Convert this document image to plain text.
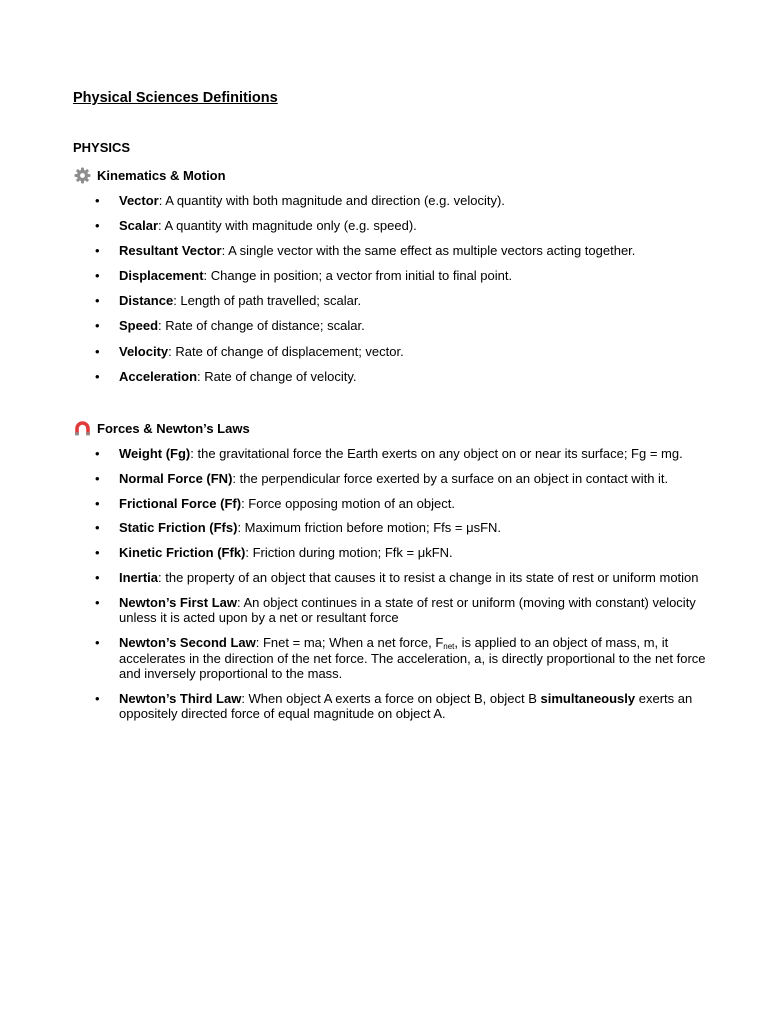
Physical Sciences Definitions
PHYSICS
Kinematics & Motion
• Vector: A quantity with both magnitude and direction (e.g. velocity).
• Scalar: A quantity with magnitude only (e.g. speed).
• Resultant Vector: A single vector with the same effect as multiple vectors acting together.
• Displacement: Change in position; a vector from initial to final point.
• Distance: Length of path travelled; scalar.
• Speed: Rate of change of distance; scalar.
• Velocity: Rate of change of displacement; vector.
• Acceleration: Rate of change of velocity.
Forces & Newton’s Laws
• Weight (Fg): the gravitational force the Earth exerts on any object on or near its surface; Fg = mg.
• Normal Force (FN): the perpendicular force exerted by a surface on an object in contact with it.
• Frictional Force (Ff): Force opposing motion of an object.
• Static Friction (Ffs): Maximum friction before motion; Ffs = μsFN.
• Kinetic Friction (Ffk): Friction during motion; Ffk = μkFN.
• Inertia: the property of an object that causes it to resist a change in its state of rest or uniform motion
• Newton’s First Law: An object continues in a state of rest or uniform (moving with constant) velocity unless it is acted upon by a net or resultant force
• Newton’s Second Law: Fnet = ma; When a net force, $F_{net}$, is applied to an object of mass, m, it accelerates in the direction of the net force. The acceleration, a, is directly proportional to the net force and inversely proportional to the mass.
• Newton’s Third Law: When object A exerts a force on object B, object B simultaneously exerts an oppositely directed force of equal magnitude on object A.
